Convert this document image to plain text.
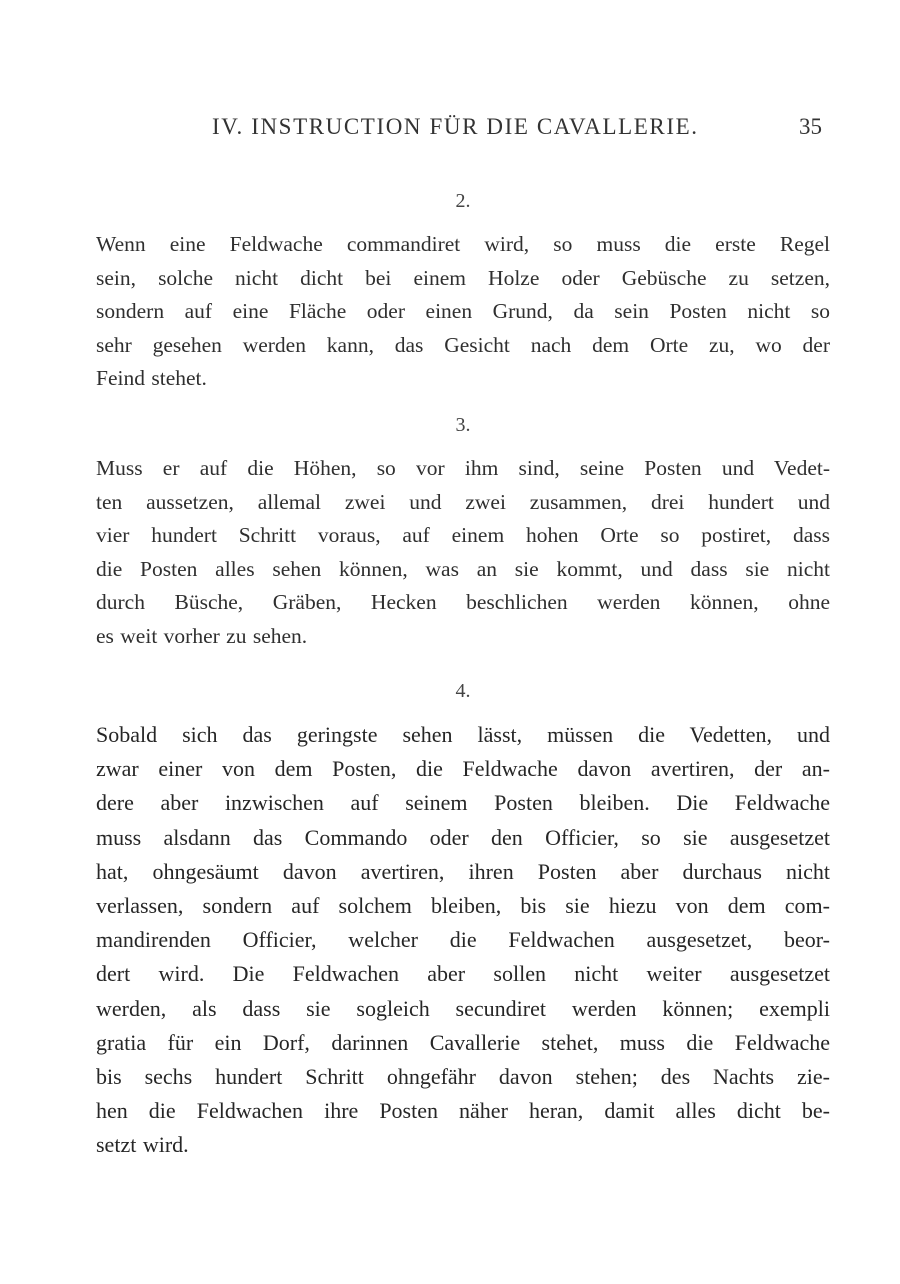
IV. INSTRUCTION FÜR DIE CAVALLERIE.	35
2.
Wenn eine Feldwache commandiret wird, so muss die erste Regel
sein, solche nicht dicht bei einem Holze oder Gebüsche zu setzen,
sondern auf eine Fläche oder einen Grund, da sein Posten nicht so
sehr gesehen werden kann, das Gesicht nach dem Orte zu, wo der
Feind stehet.
3.
Muss er auf die Höhen, so vor ihm sind, seine Posten und Vedet-
ten aussetzen, allemal zwei und zwei zusammen, drei hundert und
vier hundert Schritt voraus, auf einem hohen Orte so postiret, dass
die Posten alles sehen können, was an sie kommt, und dass sie nicht
durch Büsche, Gräben, Hecken beschlichen werden können, ohne
es weit vorher zu sehen.
4.
Sobald sich das geringste sehen lässt, müssen die Vedetten, und
zwar einer von dem Posten, die Feldwache davon avertiren, der an-
dere aber inzwischen auf seinem Posten bleiben. Die Feldwache
muss alsdann das Commando oder den Officier, so sie ausgesetzet
hat, ohngesäumt davon avertiren, ihren Posten aber durchaus nicht
verlassen, sondern auf solchem bleiben, bis sie hiezu von dem com-
mandirenden Officier, welcher die Feldwachen ausgesetzet, beor-
dert wird. Die Feldwachen aber sollen nicht weiter ausgesetzet
werden, als dass sie sogleich secundiret werden können; exempli
gratia für ein Dorf, darinnen Cavallerie stehet, muss die Feldwache
bis sechs hundert Schritt ohngefähr davon stehen; des Nachts zie-
hen die Feldwachen ihre Posten näher heran, damit alles dicht be-
setzt wird.
